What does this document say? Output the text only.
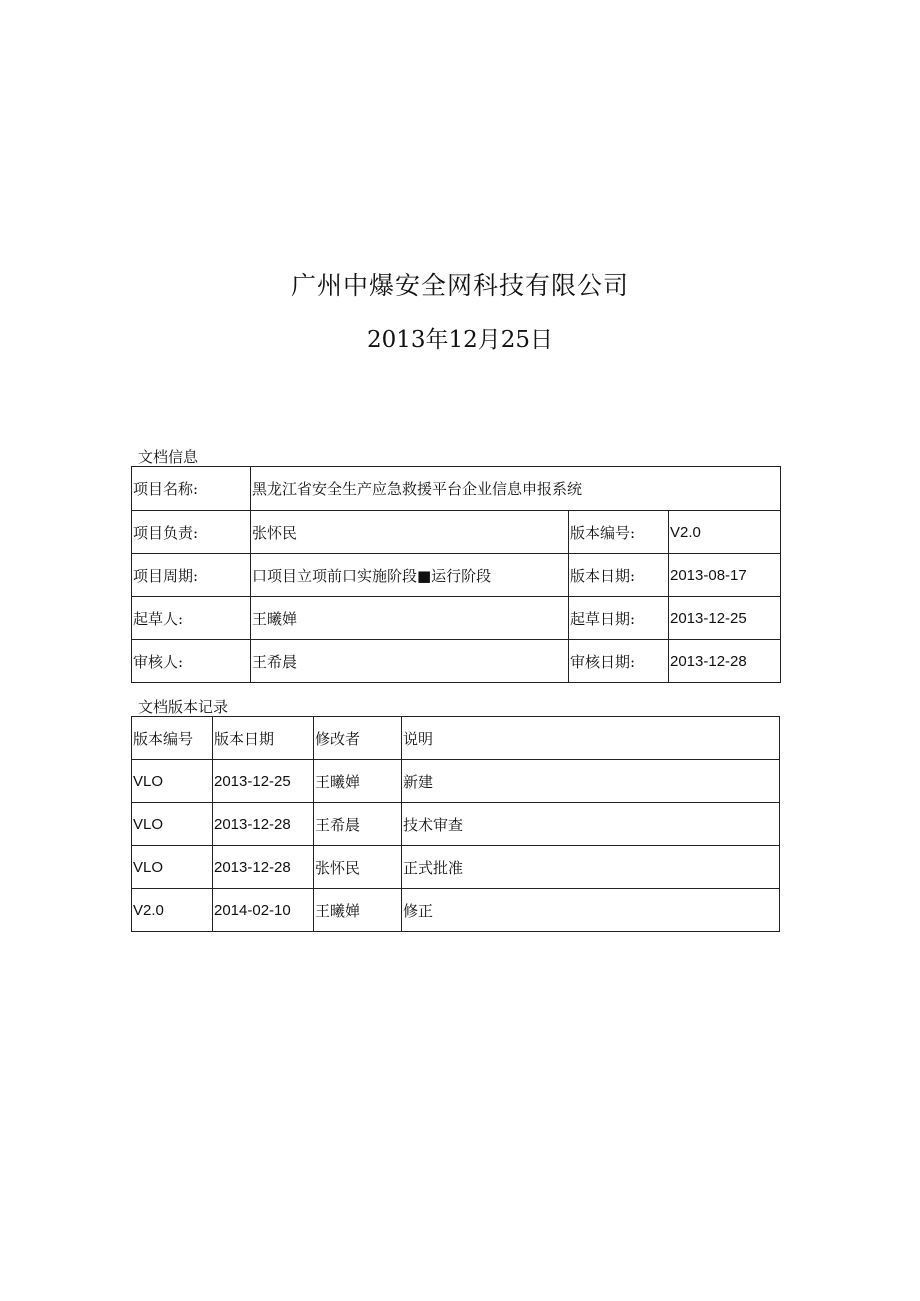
广州中爆安全网科技有限公司
2013年12月25日
文档信息
项目名称:	黑龙江省安全生产应急救援平台企业信息申报系统		
项目负责:	张怀民	版本编号:	V2.0
项目周期:	口项目立项前口实施阶段■运行阶段	版本日期:	2013-08-17
起草人:	王曦婵	起草日期:	2013-12-25
审核人:	王希晨	审核日期:	2013-12-28
文档版本记录
版本编号	版本日期	修改者	说明
VLO	2013-12-25	王曦婵	新建
VLO	2013-12-28	王希晨	技术审查
VLO	2013-12-28	张怀民	正式批准
V2.0	2014-02-10	王曦婵	修正
